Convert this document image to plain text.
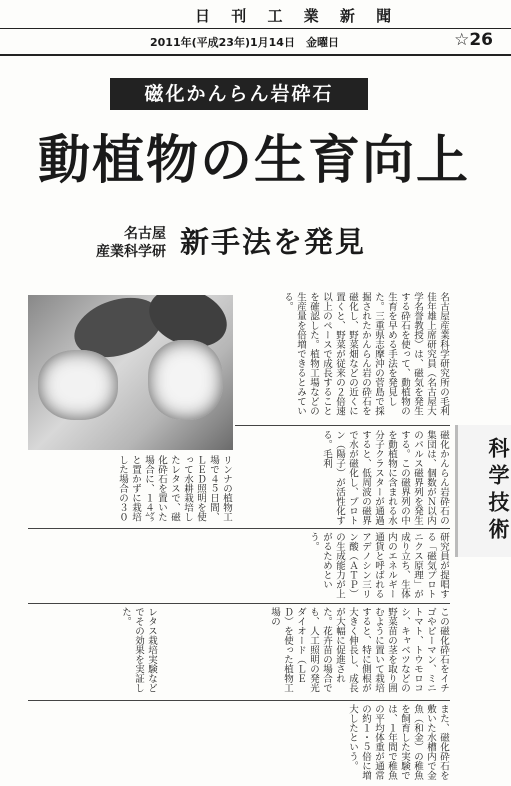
日 刊 工 業 新 聞
2011年(平成23年)1月14日　金曜日	☆26
磁化かんらん岩砕石
動植物の生育向上
名古屋
産業科学研 新手法を発見
科学技術
名古屋産業科学研究所の毛利佳年雄上席研究員（名古屋大学名誉教授）は、磁気を発生する砕石を使って、動植物の生育を早める手法を発見した。三重県志摩沖の菅島で採掘されたかんらん岩の砕石を磁化し、野菜畑などの近くに置くと、野菜が従来の２倍速以上のペースで成長することを確認した。植物工場などの生産量を倍増できるとみている。
磁化かんらん岩砕石の集団は、個数がＮ以内のパルス磁界列を発生する。この磁界列の中を動植物に含まれる水分子クラスターが通過すると、低周波の磁界で水が磁化し、プロトン（陽子）が活性化する。毛利
研究員が提唱する「磁気プロトニクス原理」が成り立ち、生体内のエネルギー通貨と呼ばれるアデノシン三リン酸（ＡＴＰ）の生成能力が上がるためという。
リンナの植物工場で４５日間、ＬＥＤ照明を使って水耕栽培したレタスで、磁化砕石を置いた場合に、１４㌘と置かずに栽培した場合の３０
この磁化砕石をイチゴやピーマン、ミニトマト、トウモロコシ、キャベツなどの野菜苗の茎を取り囲むように置いて栽培すると、特に側根が大きく伸長し、成長が大幅に促進された。花卉苗の場合でも、人工照明の発光ダイオード（ＬＥＤ）を使った植物工場の
レタス栽培実験などでその効果を実証した。
また、磁化砕石を敷いた水槽内で金魚（和金）の稚魚を飼育した実験では、１年間で稚魚の平均体重が通常の約１・５倍に増大したという。
